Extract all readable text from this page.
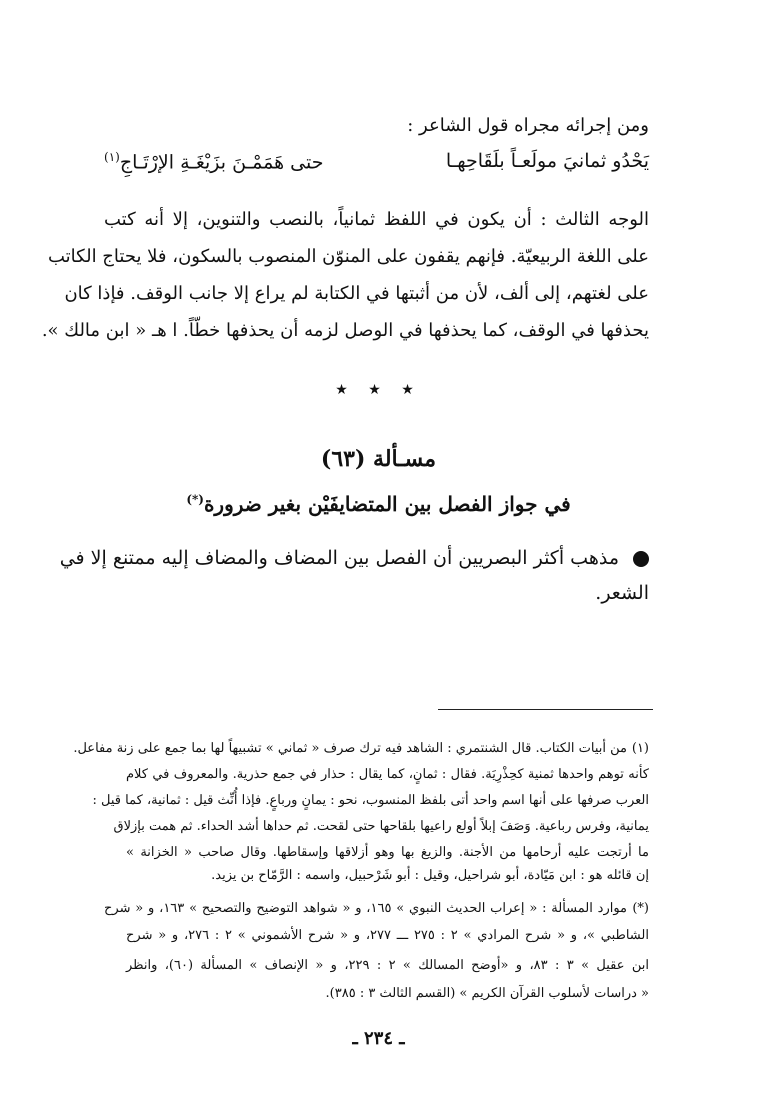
ومن إجرائه مجراه قول الشاعر :
يَحْدُو ثمانيَ مولَعـاً بلَقَاحِهـا
حتى هَمَمْـنَ بزَيْغَـةِ الإرْتَـاجِ$^{(١)}$
الوجه الثالث : أن يكون في اللفظ ثمانياً، بالنصب والتنوين، إلا أنه كتب
على اللغة الربيعيّة. فإنهم يقفون على المنوّن المنصوب بالسكون، فلا يحتاج الكاتب
على لغتهم، إلى ألف، لأن من أثبتها في الكتابة لم يراع إلا جانب الوقف. فإذا كان
يحذفها في الوقف، كما يحذفها في الوصل لزمه أن يحذفها خطّاً. ا هـ « ابن مالك ».
★ ★ ★
مسـألة (٦٣)
في جواز الفصل بين المتضايفَيْن بغير ضرورة(*)
مذهب أكثر البصريين أن الفصل بين المضاف والمضاف إليه ممتنع إلا في
الشعر.
(١)من أبيات الكتاب. قال الشنتمري : الشاهد فيه ترك صرف « ثماني » تشبيهاً لها بما جمع على زنة مفاعل.
كأنه توهم واحدها ثمنية كحِذْرِيَة. فقال : ثمانٍ، كما يقال : حذار في جمع حذرية. والمعروف في كلام
العرب صرفها على أنها اسم واحد أتى بلفظ المنسوب، نحو : يمانٍ ورباعٍ. فإذا أُنِّث قيل : ثمانية، كما قيل :
يمانية، وفرس رباعية. وَصَفَ إبلاً أولع راعيها بلقاحها حتى لقحت. ثم حداها أشد الحداء. ثم همت بإزلاق
ما أرتجت عليه أرحامها من الأجنة. والزيغ بها وهو أزلاقها وإسقاطها. وقال صاحب « الخزانة »
إن قائله هو : ابن مَيّادة، أبو شراحيل، وقيل : أبو شَرْحبيل، واسمه : الرَّمّاح بن يزيد.
(*)موارد المسألة : « إعراب الحديث النبوي » ١٦٥، و « شواهد التوضيح والتصحيح » ١٦٣، و « شرح
الشاطبي »، و « شرح المرادي » ٢ : ٢٧٥ ـــ ٢٧٧، و « شرح الأشموني » ٢ : ٢٧٦، و « شرح
ابن عقيل » ٣ : ٨٣، و «أوضح المسالك » ٢ : ٢٢٩، و « الإنصاف » المسألة (٦٠)، وانظر
« دراسات لأسلوب القرآن الكريم » (القسم الثالث ٣ : ٣٨٥).
ـ ٢٣٤ ـ
